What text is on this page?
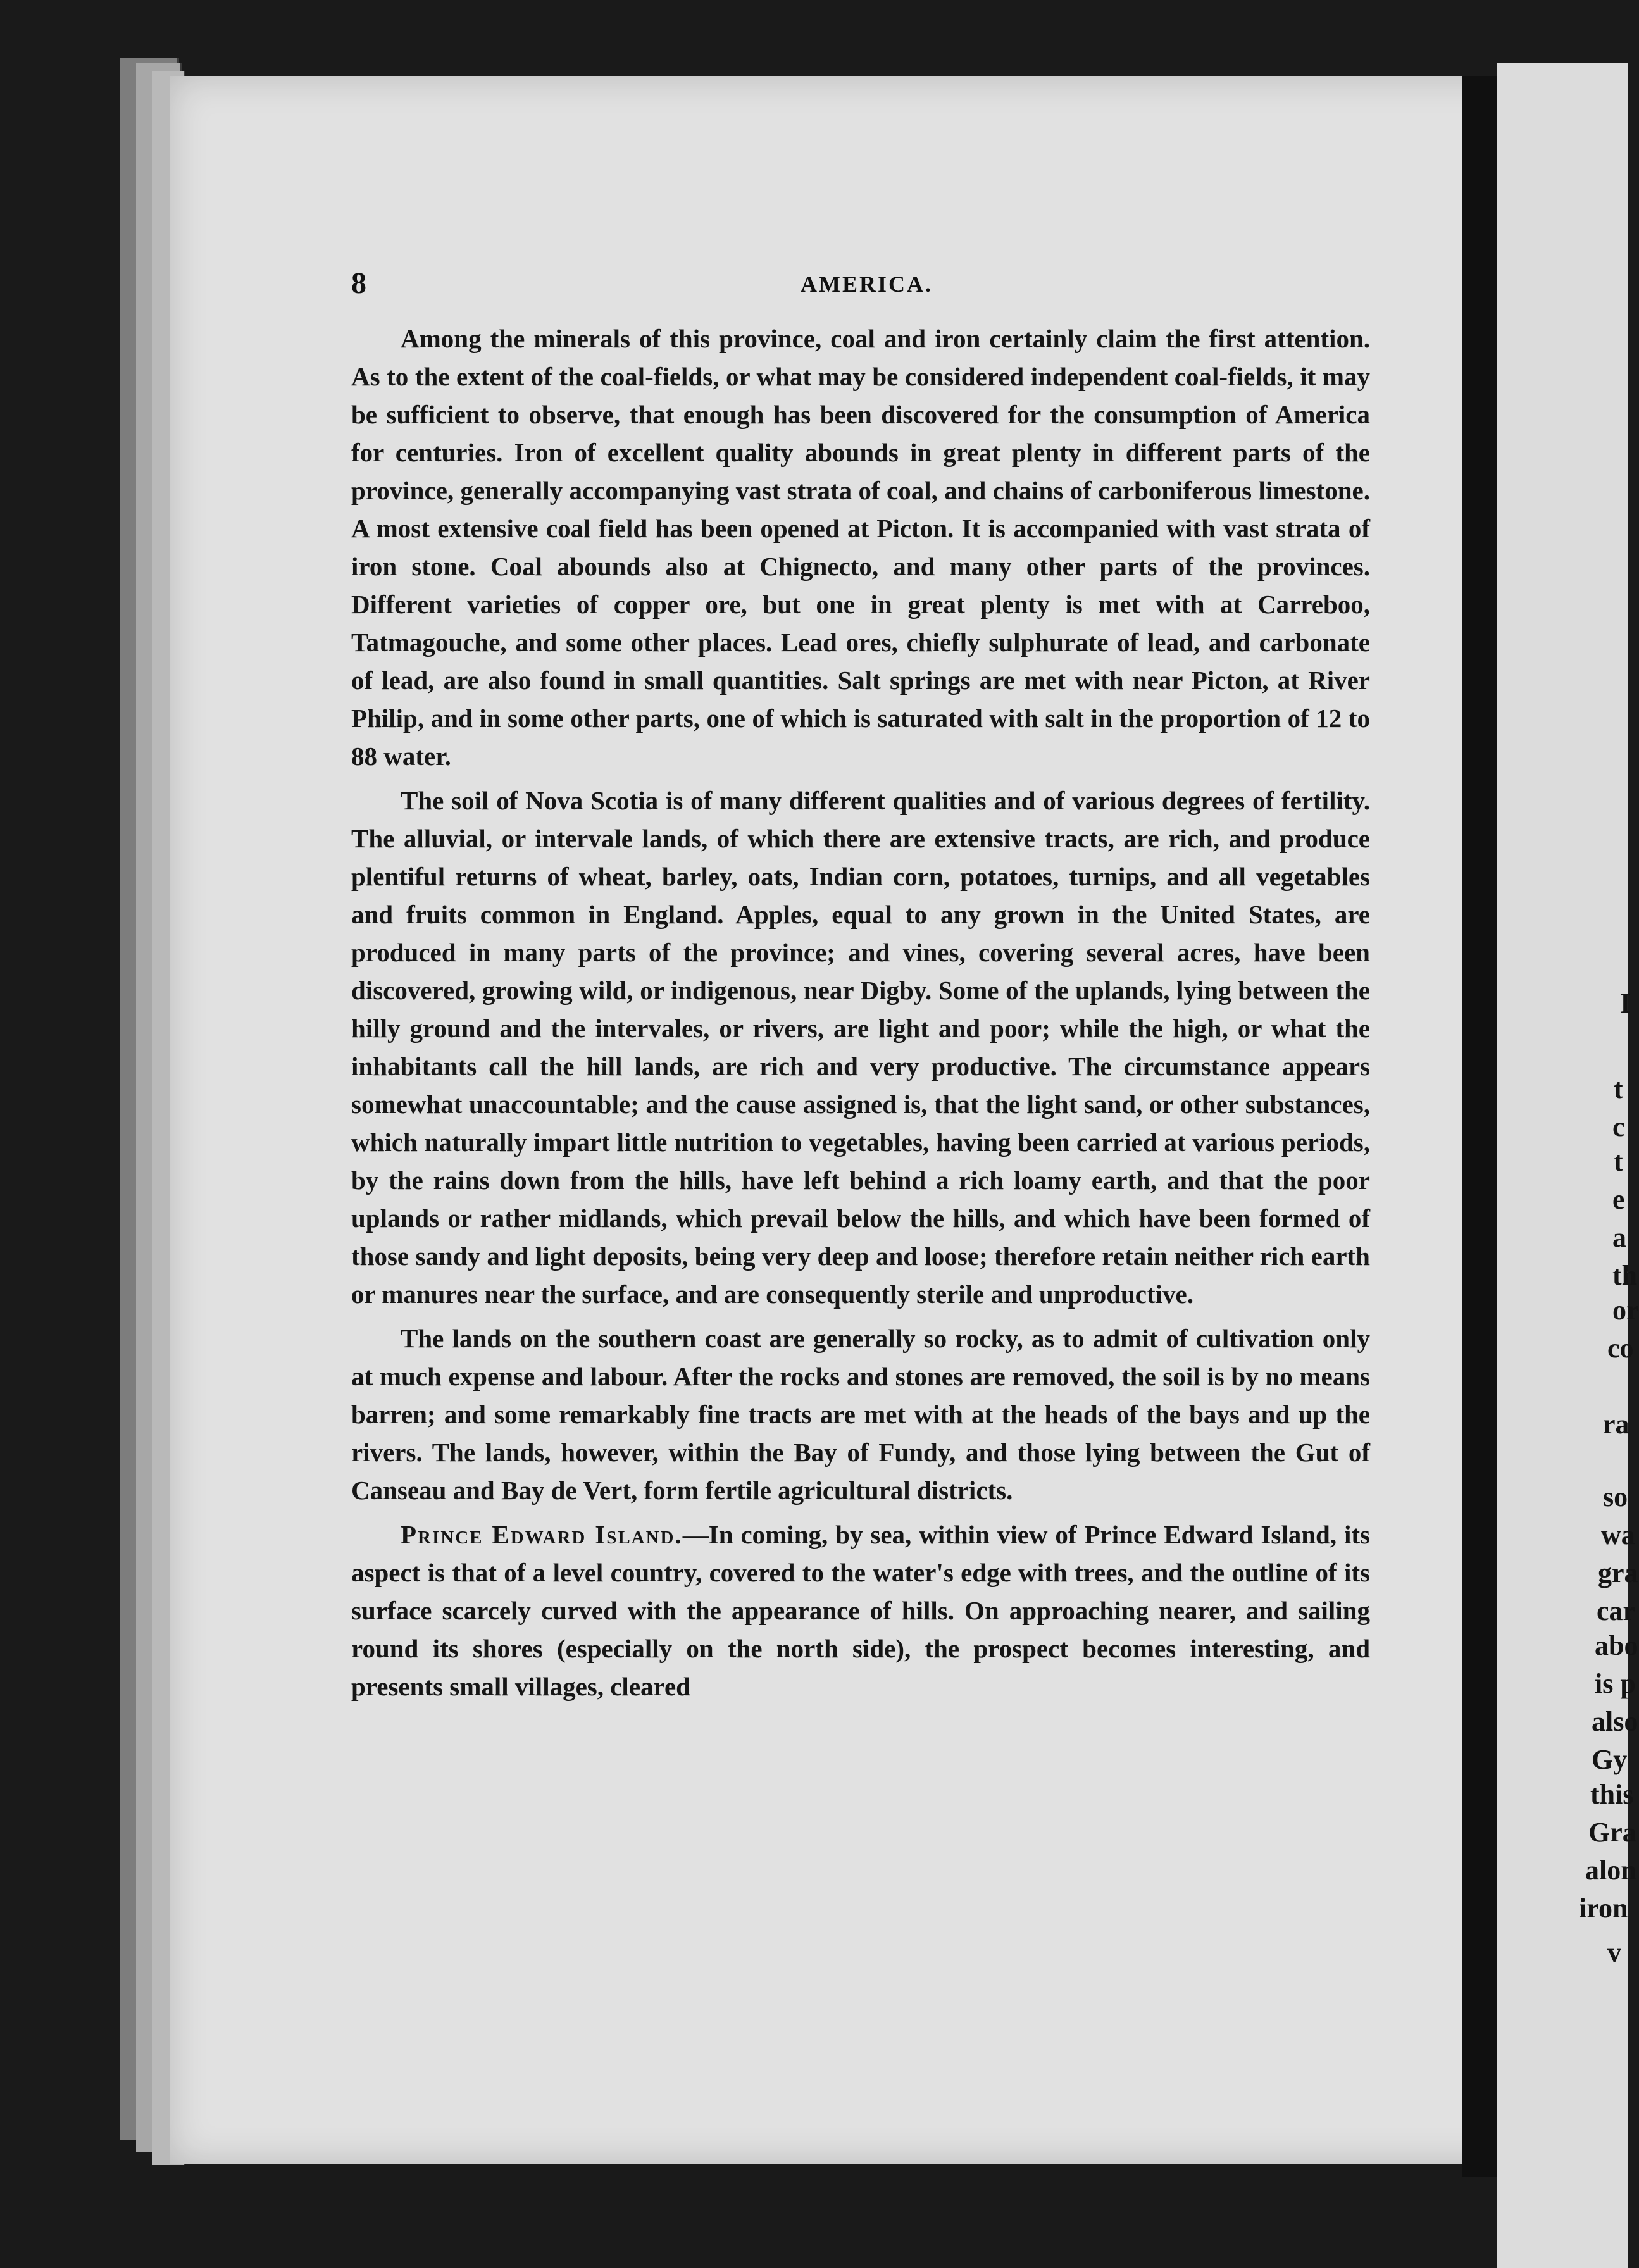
I
t
c
t
e
a
th
or
co
ra
so
wa
gra
car
abo
is p
also
Gy
this
Gra
alon
iron
v
8	AMERICA.

Among the minerals of this province, coal and iron certainly claim the first attention. As to the extent of the coal-fields, or what may be considered independent coal-fields, it may be sufficient to observe, that enough has been discovered for the consumption of America for centuries. Iron of excellent quality abounds in great plenty in different parts of the province, generally accompanying vast strata of coal, and chains of carboniferous limestone. A most extensive coal field has been opened at Picton. It is accompanied with vast strata of iron stone. Coal abounds also at Chignecto, and many other parts of the provinces. Different varieties of copper ore, but one in great plenty is met with at Carreboo, Tatmagouche, and some other places. Lead ores, chiefly sulphurate of lead, and carbonate of lead, are also found in small quantities. Salt springs are met with near Picton, at River Philip, and in some other parts, one of which is saturated with salt in the proportion of 12 to 88 water.

The soil of Nova Scotia is of many different qualities and of various degrees of fertility. The alluvial, or intervale lands, of which there are extensive tracts, are rich, and produce plentiful returns of wheat, barley, oats, Indian corn, potatoes, turnips, and all vegetables and fruits common in England. Apples, equal to any grown in the United States, are produced in many parts of the province; and vines, covering several acres, have been discovered, growing wild, or indigenous, near Digby. Some of the uplands, lying between the hilly ground and the intervales, or rivers, are light and poor; while the high, or what the inhabitants call the hill lands, are rich and very productive. The circumstance appears somewhat unaccountable; and the cause assigned is, that the light sand, or other substances, which naturally impart little nutrition to vegetables, having been carried at various periods, by the rains down from the hills, have left behind a rich loamy earth, and that the poor uplands or rather midlands, which prevail below the hills, and which have been formed of those sandy and light deposits, being very deep and loose; therefore retain neither rich earth or manures near the surface, and are consequently sterile and unproductive.

The lands on the southern coast are generally so rocky, as to admit of cultivation only at much expense and labour. After the rocks and stones are removed, the soil is by no means barren; and some remarkably fine tracts are met with at the heads of the bays and up the rivers. The lands, however, within the Bay of Fundy, and those lying between the Gut of Canseau and Bay de Vert, form fertile agricultural districts.

Prince Edward Island.—In coming, by sea, within view of Prince Edward Island, its aspect is that of a level country, covered to the water's edge with trees, and the outline of its surface scarcely curved with the appearance of hills. On approaching nearer, and sailing round its shores (especially on the north side), the prospect becomes interesting, and presents small villages, cleared
